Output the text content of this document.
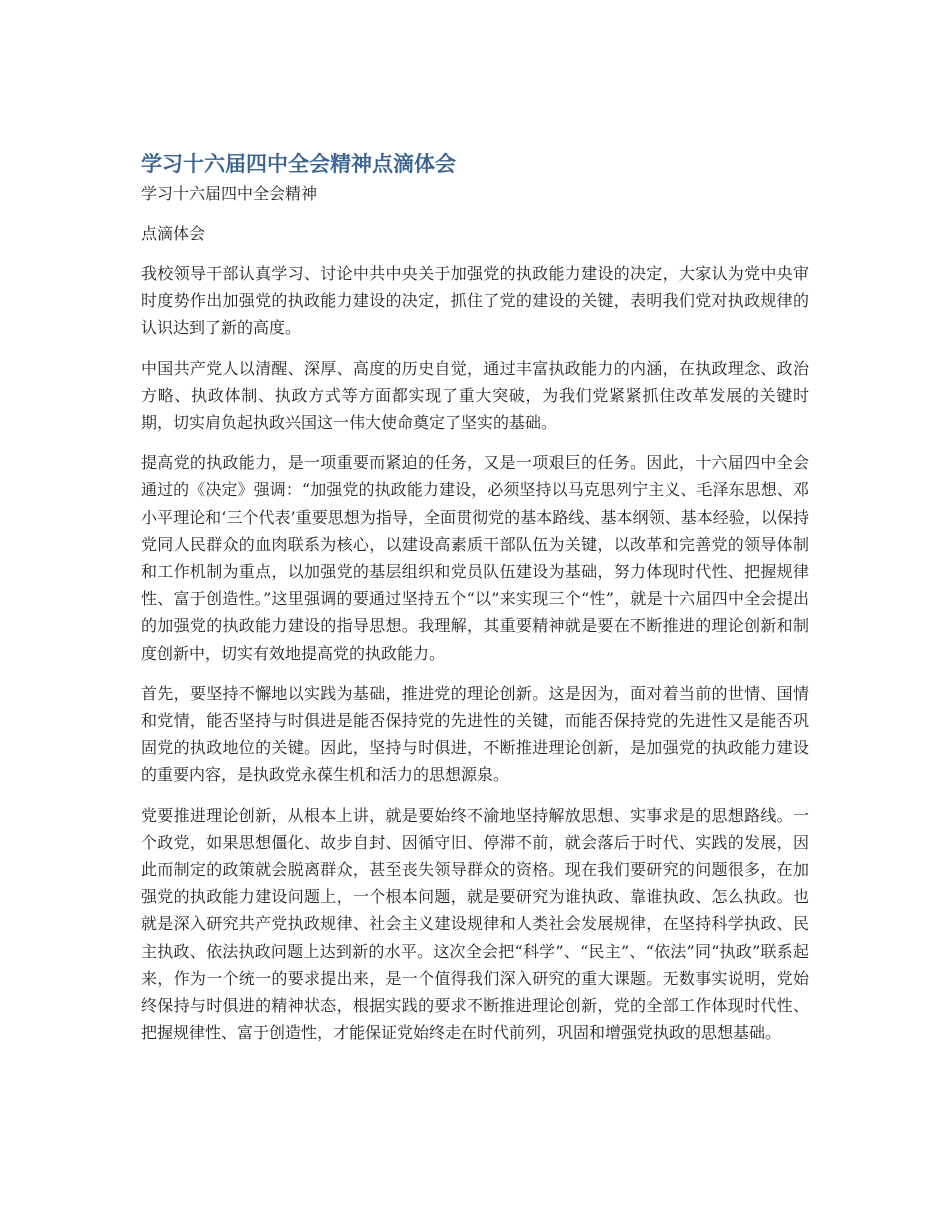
学习十六届四中全会精神点滴体会
学习十六届四中全会精神
点滴体会

我校领导干部认真学习、讨论中共中央关于加强党的执政能力建设的决定，大家认为党中央审时度势作出加强党的执政能力建设的决定，抓住了党的建设的关键，表明我们党对执政规律的认识达到了新的高度。

中国共产党人以清醒、深厚、高度的历史自觉，通过丰富执政能力的内涵，在执政理念、政治方略、执政体制、执政方式等方面都实现了重大突破，为我们党紧紧抓住改革发展的关键时期，切实肩负起执政兴国这一伟大使命奠定了坚实的基础。

提高党的执政能力，是一项重要而紧迫的任务，又是一项艰巨的任务。因此，十六届四中全会通过的《决定》强调：“加强党的执政能力建设，必须坚持以马克思列宁主义、毛泽东思想、邓小平理论和‘三个代表’重要思想为指导，全面贯彻党的基本路线、基本纲领、基本经验，以保持党同人民群众的血肉联系为核心，以建设高素质干部队伍为关键，以改革和完善党的领导体制和工作机制为重点，以加强党的基层组织和党员队伍建设为基础，努力体现时代性、把握规律性、富于创造性。”这里强调的要通过坚持五个“以”来实现三个“性”，就是十六届四中全会提出的加强党的执政能力建设的指导思想。我理解，其重要精神就是要在不断推进的理论创新和制度创新中，切实有效地提高党的执政能力。

首先，要坚持不懈地以实践为基础，推进党的理论创新。这是因为，面对着当前的世情、国情和党情，能否坚持与时俱进是能否保持党的先进性的关键，而能否保持党的先进性又是能否巩固党的执政地位的关键。因此，坚持与时俱进，不断推进理论创新，是加强党的执政能力建设的重要内容，是执政党永葆生机和活力的思想源泉。

党要推进理论创新，从根本上讲，就是要始终不渝地坚持解放思想、实事求是的思想路线。一个政党，如果思想僵化、故步自封、因循守旧、停滞不前，就会落后于时代、实践的发展，因此而制定的政策就会脱离群众，甚至丧失领导群众的资格。现在我们要研究的问题很多，在加强党的执政能力建设问题上，一个根本问题，就是要研究为谁执政、靠谁执政、怎么执政。也就是深入研究共产党执政规律、社会主义建设规律和人类社会发展规律，在坚持科学执政、民主执政、依法执政问题上达到新的水平。这次全会把“科学”、“民主”、“依法”同“执政”联系起来，作为一个统一的要求提出来，是一个值得我们深入研究的重大课题。无数事实说明，党始终保持与时俱进的精神状态，根据实践的要求不断推进理论创新，党的全部工作体现时代性、把握规律性、富于创造性，才能保证党始终走在时代前列，巩固和增强党执政的思想基础。
